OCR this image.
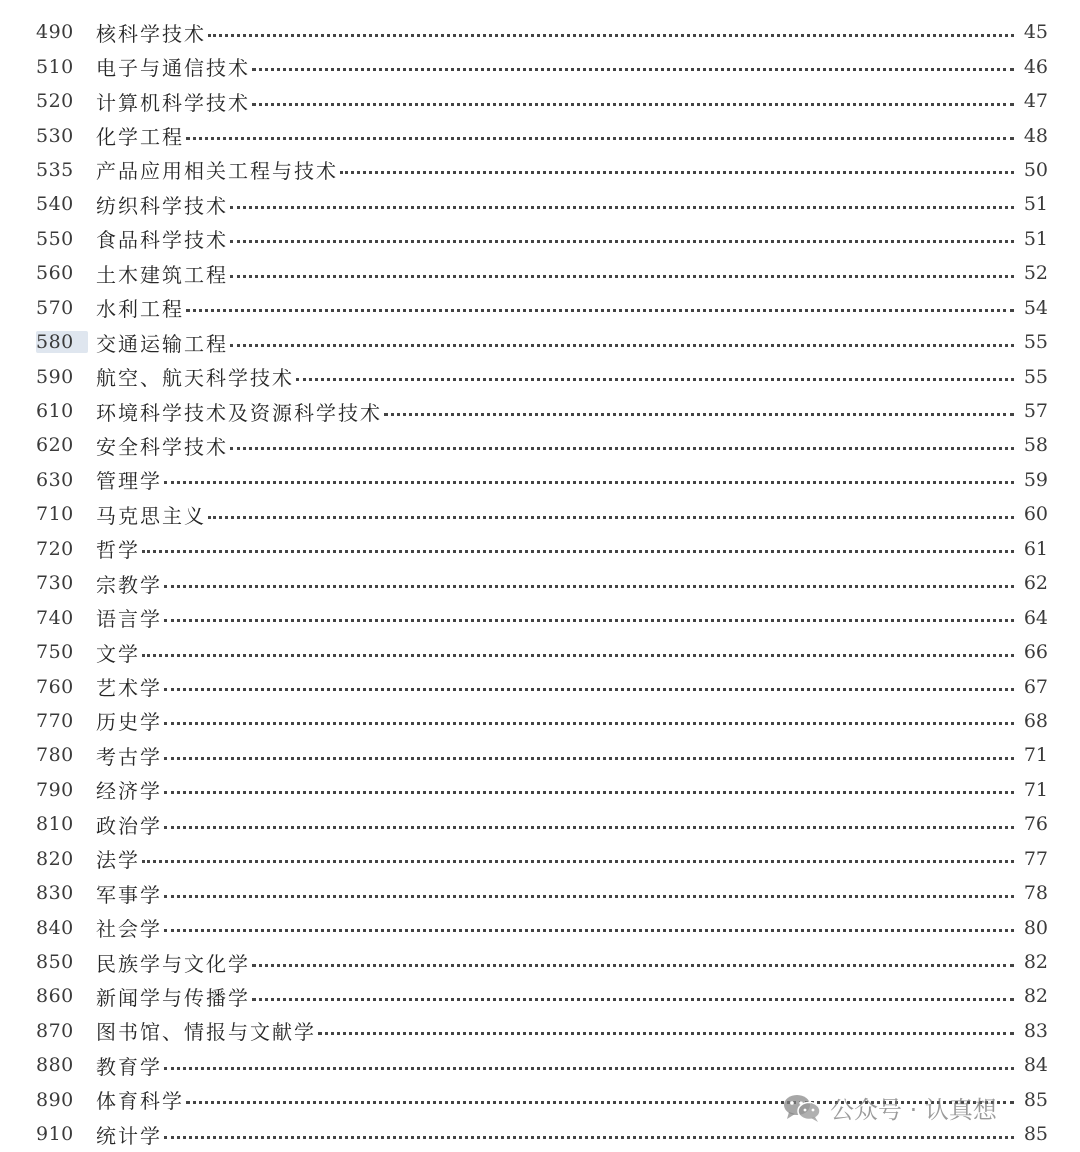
490	核科学技术	45
510	电子与通信技术	46
520	计算机科学技术	47
530	化学工程	48
535	产品应用相关工程与技术	50
540	纺织科学技术	51
550	食品科学技术	51
560	土木建筑工程	52
570	水利工程	54
580	交通运输工程	55
590	航空、航天科学技术	55
610	环境科学技术及资源科学技术	57
620	安全科学技术	58
630	管理学	59
710	马克思主义	60
720	哲学	61
730	宗教学	62
740	语言学	64
750	文学	66
760	艺术学	67
770	历史学	68
780	考古学	71
790	经济学	71
810	政治学	76
820	法学	77
830	军事学	78
840	社会学	80
850	民族学与文化学	82
860	新闻学与传播学	82
870	图书馆、情报与文献学	83
880	教育学	84
890	体育科学	85
910	统计学	85
公众号 · 认真想
